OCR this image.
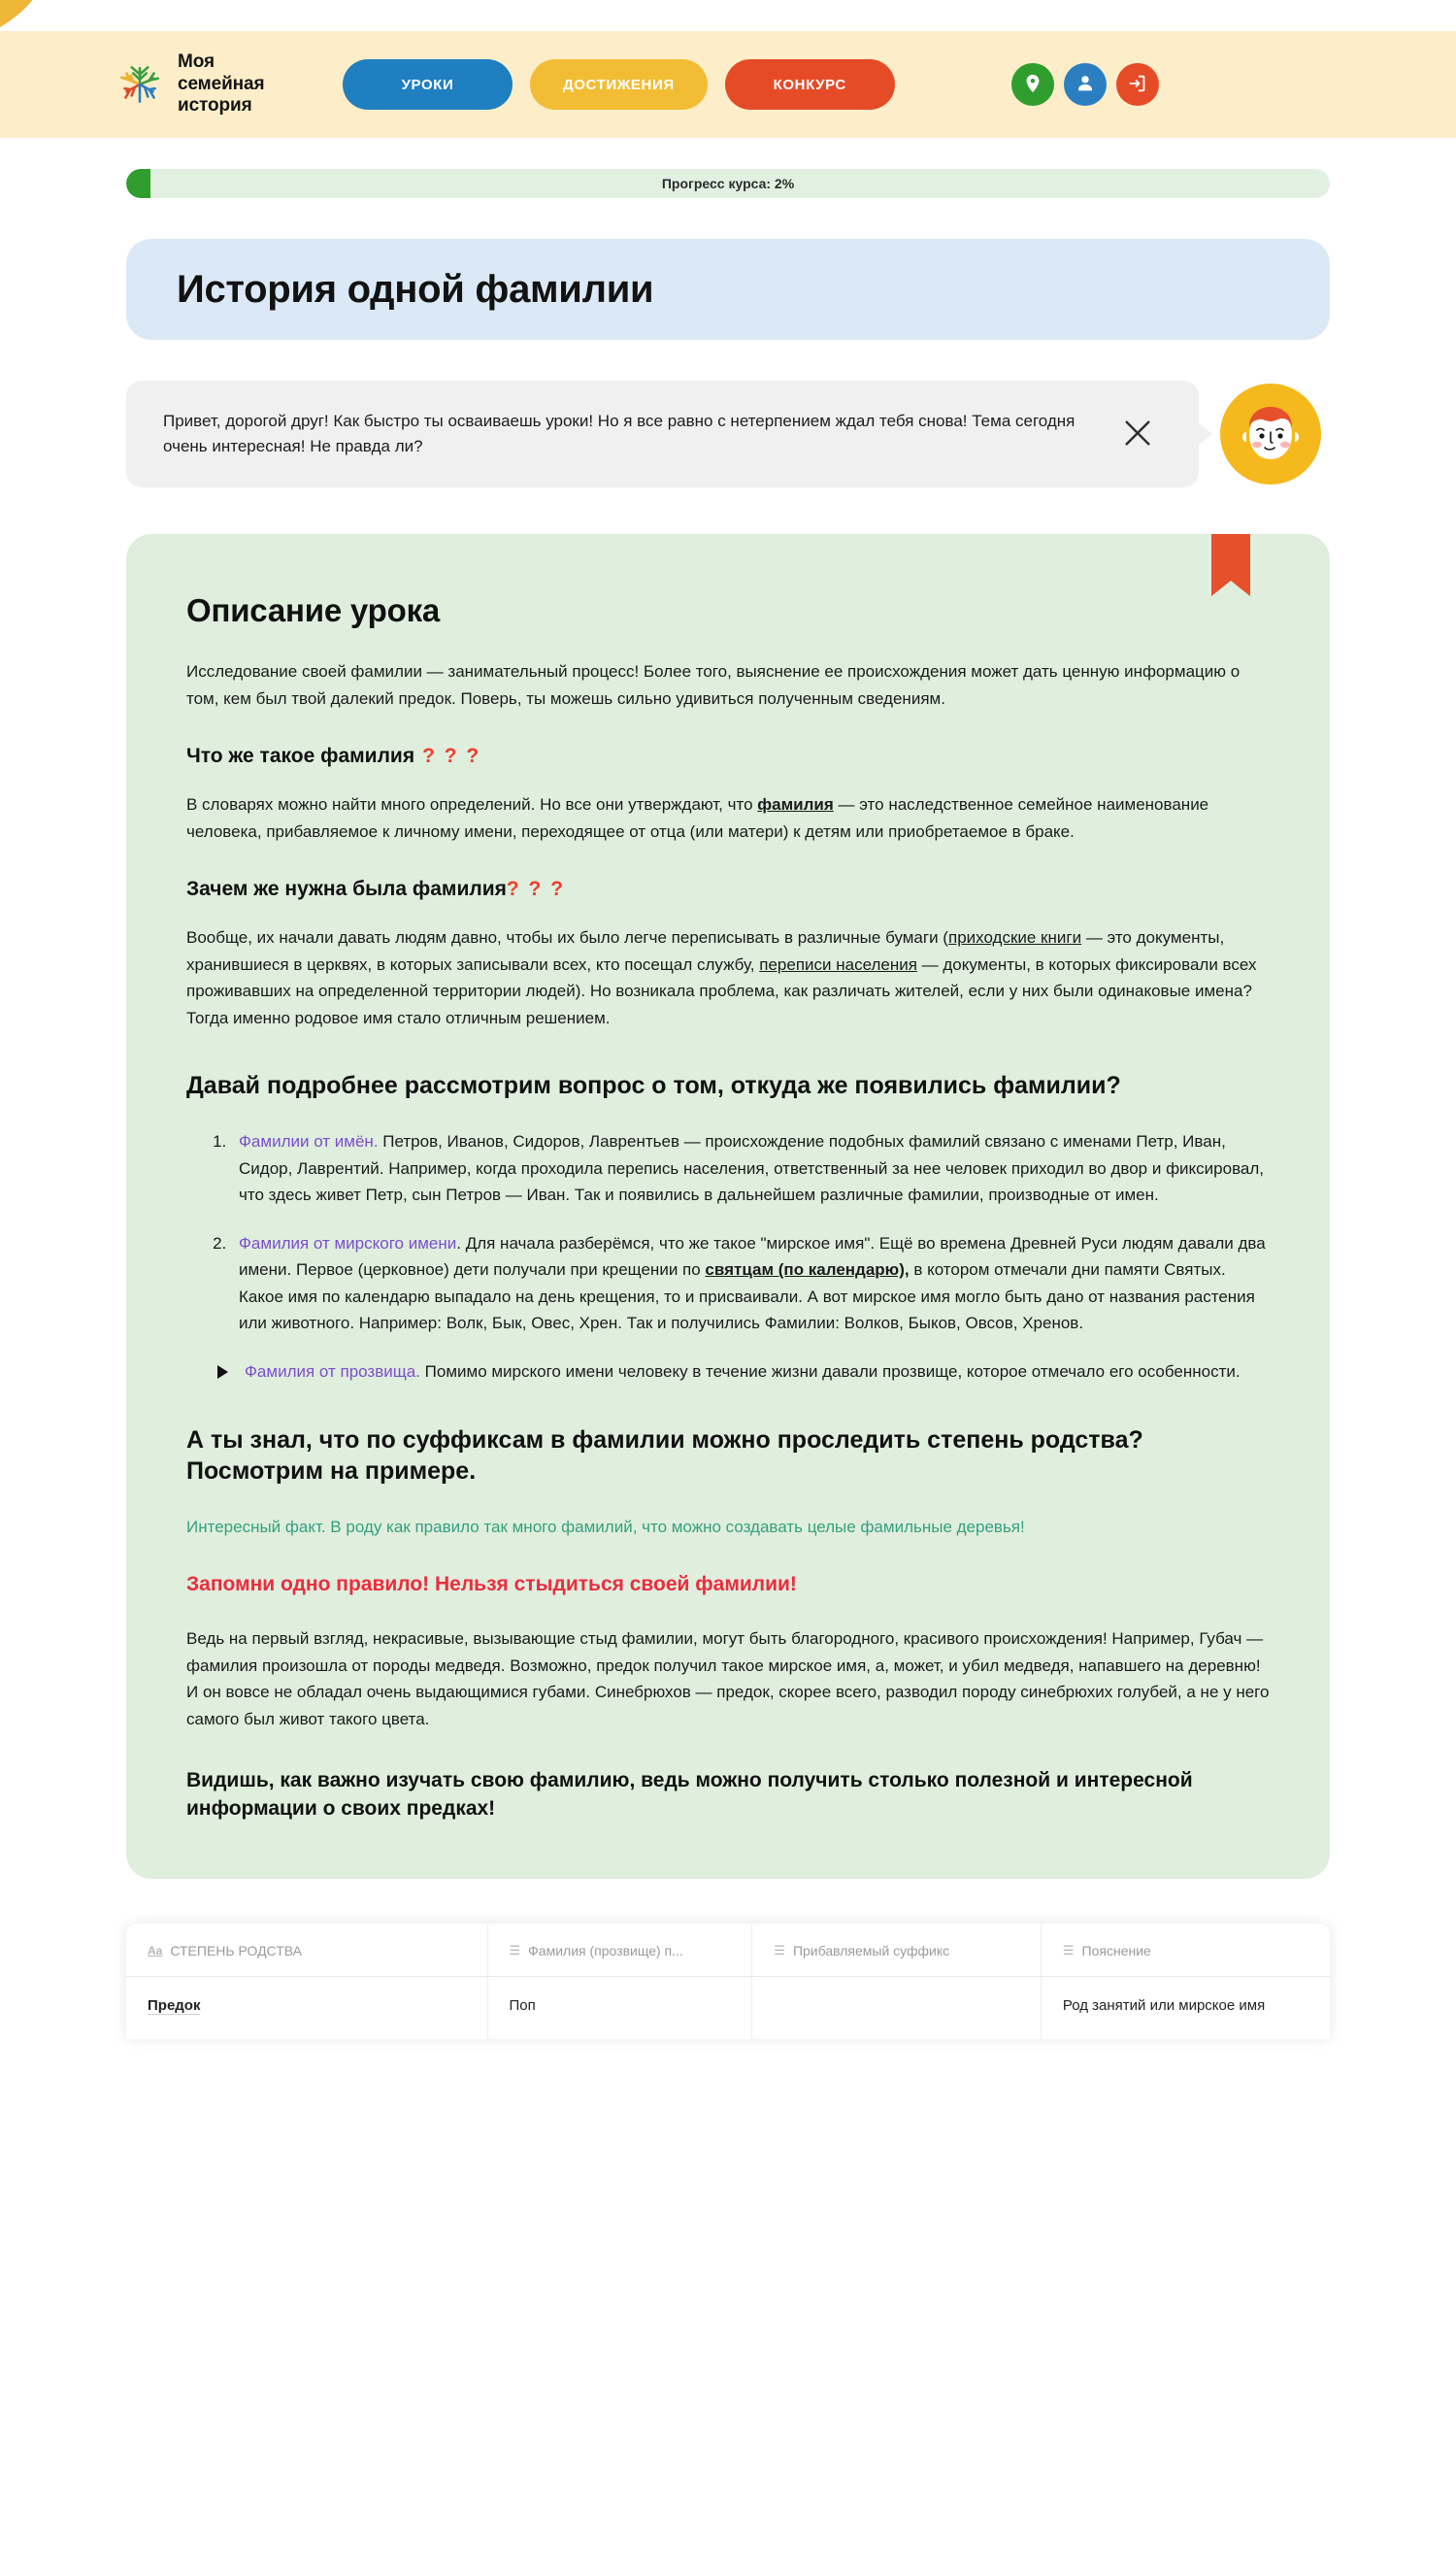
Моя семейная
история
УРОКИ	ДОСТИЖЕНИЯ	КОНКУРС
Прогресс курса: 2%
История одной фамилии

Привет, дорогой друг! Как быстро ты осваиваешь уроки! Но я все равно с нетерпением ждал тебя снова! Тема сегодня очень интересная! Не правда ли?

Описание урока

Исследование своей фамилии — занимательный процесс! Более того, выяснение ее происхождения может дать ценную информацию о том, кем был твой далекий предок. Поверь, ты можешь сильно удивиться полученным сведениям.

Что же такое фамилия ? ? ?

В словарях можно найти много определений. Но все они утверждают, что фамилия — это наследственное семейное наименование человека, прибавляемое к личному имени, переходящее от отца (или матери) к детям или приобретаемое в браке.

Зачем же нужна была фамилия? ? ?

Вообще, их начали давать людям давно, чтобы их было легче переписывать в различные бумаги (приходские книги — это документы, хранившиеся в церквях, в которых записывали всех, кто посещал службу, переписи населения — документы, в которых фиксировали всех проживавших на определенной территории людей). Но возникала проблема, как различать жителей, если у них были одинаковые имена? Тогда именно родовое имя стало отличным решением.

Давай подробнее рассмотрим вопрос о том, откуда же появились фамилии?
1. Фамилии от имён. Петров, Иванов, Сидоров, Лаврентьев — происхождение подобных фамилий связано с именами Петр, Иван, Сидор, Лаврентий. Например, когда проходила перепись населения, ответственный за нее человек приходил во двор и фиксировал, что здесь живет Петр, сын Петров — Иван. Так и появились в дальнейшем различные фамилии, производные от имен.
2. Фамилия от мирского имени. Для начала разберёмся, что же такое "мирское имя". Ещё во времена Древней Руси людям давали два имени. Первое (церковное) дети получали при крещении по святцам (по календарю), в котором отмечали дни памяти Святых. Какое имя по календарю выпадало на день крещения, то и присваивали. А вот мирское имя могло быть дано от названия растения или животного. Например: Волк, Бык, Овес, Хрен. Так и получились Фамилии: Волков, Быков, Овсов, Хренов.
Фамилия от прозвища. Помимо мирского имени человеку в течение жизни давали прозвище, которое отмечало его особенности.
А ты знал, что по суффиксам в фамилии можно проследить степень родства? Посмотрим на примере.

Интересный факт. В роду как правило так много фамилий, что можно создавать целые фамильные деревья!

Запомни одно правило! Нельзя стыдиться своей фамилии!

Ведь на первый взгляд, некрасивые, вызывающие стыд фамилии, могут быть благородного, красивого происхождения! Например, Губач — фамилия произошла от породы медведя. Возможно, предок получил такое мирское имя, а, может, и убил медведя, напавшего на деревню! И он вовсе не обладал очень выдающимися губами. Синебрюхов — предок, скорее всего, разводил породу синебрюхих голубей, а не у него самого был живот такого цвета.

Видишь, как важно изучать свою фамилию, ведь можно получить столько полезной и интересной информации о своих предках!

Aa СТЕПЕНЬ РОДСТВА	☰ Фамилия (прозвище) п...	☰ Прибавляемый суффикс	☰ Пояснение

Предок	Поп		Род занятий или мирское имя
